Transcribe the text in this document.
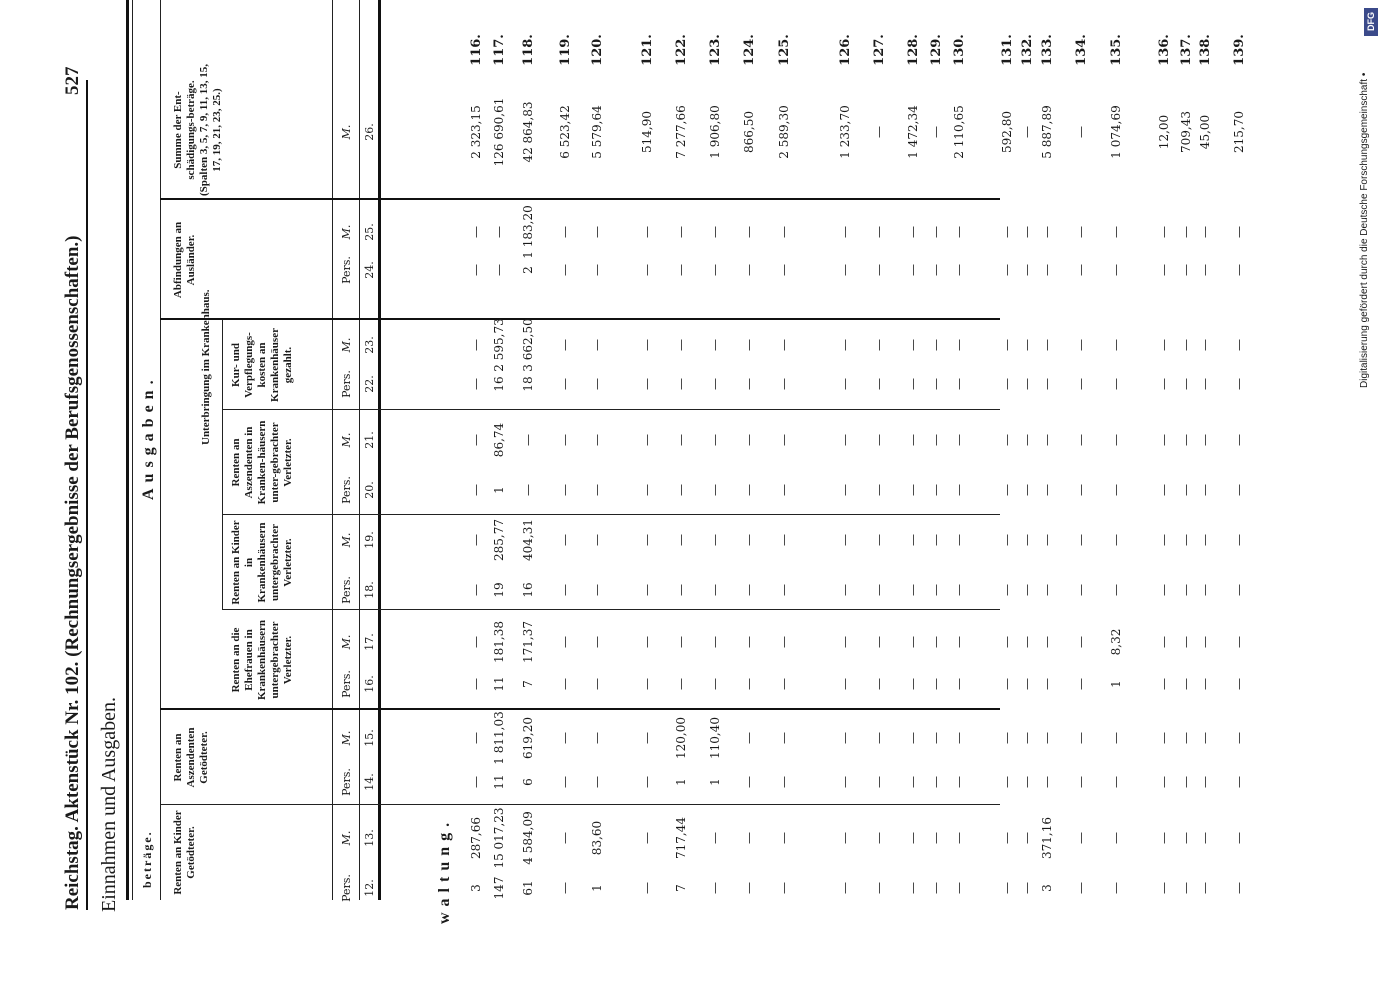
Reichstag. Aktenstück Nr. 102. (Rechnungsergebnisse der Berufsgenossenschaften.)
527
Einnahmen und Ausgaben. beträge.
Ausgaben.
waltung.
Unterbringung im Krankenhaus.
Renten an Kinder Getödteter.
Renten an Aszendenten Getödteter.
Renten an die Ehefrauen in Krankenhäusern untergebrachter Verletzter.
Renten an Kinder in Krankenhäusern untergebrachter Verletzter.
Renten an Aszendenten in Kranken-häusern unter-gebrachter Verletzter.
Kur- und Verpflegungs-kosten an Krankenhäuser gezahlt.
Abfindungen an Ausländer.
Summe der Ent-schädigungs-beträge. (Spalten 3, 5, 7, 9, 11, 13, 15, 17, 19, 21, 23, 25.)
Pers.
Pers.
Pers.
Pers.
Pers.
Pers.
Pers.
M.
M.
M.
M.
M.
M.
M.
M.
12.
13.
14.
15.
16.
17.
18.
19.
20.
21.
22.
23.
24.
25.
26.
3
287,66
—
—
—
—
—
—
—
—
—
—
—
—
2 323,15
116.
147
15 017,23
11
1 811,03
11
181,38
19
285,77
1
86,74
16
2 595,73
—
—
126 690,61
117.
61
4 584,09
6
619,20
7
171,37
16
404,31
—
—
18
3 662,50
2
1 183,20
42 864,83
118.
—
—
—
—
—
—
—
—
—
—
—
—
—
—
6 523,42
119.
1
83,60
—
—
—
—
—
—
—
—
—
—
—
—
5 579,64
120.
—
—
—
—
—
—
—
—
—
—
—
—
—
—
514,90
121.
7
717,44
1
120,00
—
—
—
—
—
—
—
—
—
—
7 277,66
122.
—
—
1
110,40
—
—
—
—
—
—
—
—
—
—
1 906,80
123.
—
—
—
—
—
—
—
—
—
—
—
—
—
—
866,50
124.
—
—
—
—
—
—
—
—
—
—
—
—
—
—
2 589,30
125.
—
—
—
—
—
—
—
—
—
—
—
—
—
—
1 233,70
126.
—
—
—
—
—
—
—
—
—
—
—
—
—
—
—
127.
—
—
—
—
—
—
—
—
—
—
—
—
—
—
1 472,34
128.
—
—
—
—
—
—
—
—
—
—
—
—
—
—
—
129.
—
—
—
—
—
—
—
—
—
—
—
—
—
—
2 110,65
130.
—
—
—
—
—
—
—
—
—
—
—
—
—
—
592,80
131.
—
—
—
—
—
—
—
—
—
—
—
—
—
—
—
132.
3
371,16
—
—
—
—
—
—
—
—
—
—
—
—
5 887,89
133.
—
—
—
—
—
—
—
—
—
—
—
—
—
—
—
134.
—
—
—
—
1
8,32
—
—
—
—
—
—
—
—
1 074,69
135.
—
—
—
—
—
—
—
—
—
—
—
—
—
—
12,00
136.
—
—
—
—
—
—
—
—
—
—
—
—
—
—
709,43
137.
—
—
—
—
—
—
—
—
—
—
—
—
—
—
45,00
138.
—
—
—
—
—
—
—
—
—
—
—
—
—
—
215,70
139.
DFG
Digitalisierung gefördert durch die Deutsche Forschungsgemeinschaft •
